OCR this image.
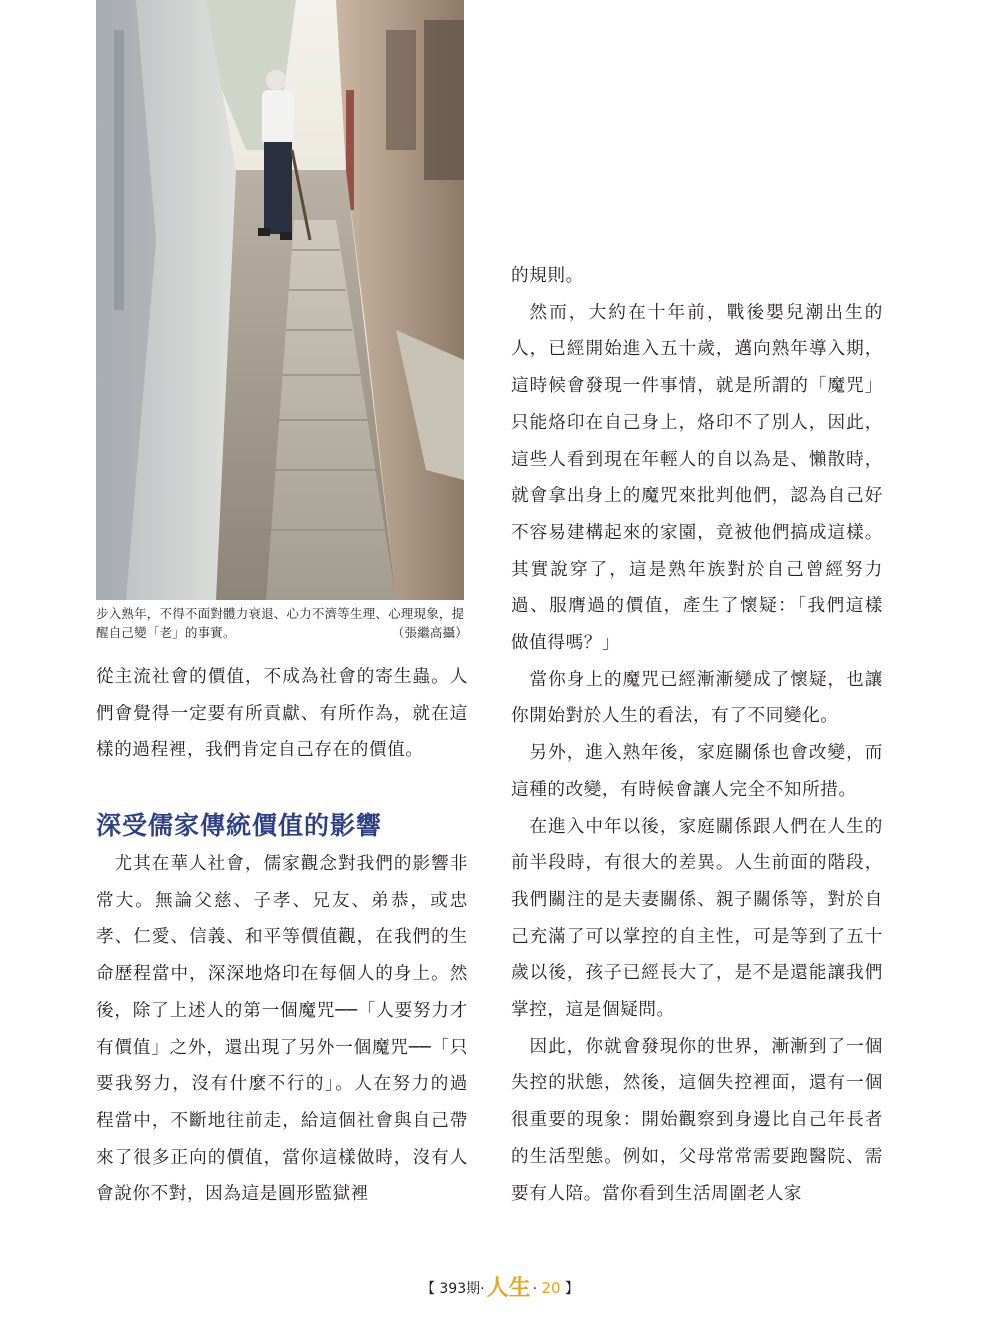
步入熟年，不得不面對體力衰退、心力不濟等生理、心理現象，提醒自己變「老」的事實。	（張繼高攝）

從主流社會的價值，不成為社會的寄生蟲。人們會覺得一定要有所貢獻、有所作為，就在這樣的過程裡，我們肯定自己存在的價值。

深受儒家傳統價值的影響

尤其在華人社會，儒家觀念對我們的影響非常大。無論父慈、子孝、兄友、弟恭，或忠孝、仁愛、信義、和平等價值觀，在我們的生命歷程當中，深深地烙印在每個人的身上。然後，除了上述人的第一個魔咒──「人要努力才有價值」之外，還出現了另外一個魔咒──「只要我努力，沒有什麼不行的」。人在努力的過程當中，不斷地往前走，給這個社會與自己帶來了很多正向的價值，當你這樣做時，沒有人會說你不對，因為這是圓形監獄裡

的規則。

然而，大約在十年前，戰後嬰兒潮出生的人，已經開始進入五十歲，邁向熟年導入期，這時候會發現一件事情，就是所謂的「魔咒」只能烙印在自己身上，烙印不了別人，因此，這些人看到現在年輕人的自以為是、懶散時，就會拿出身上的魔咒來批判他們，認為自己好不容易建構起來的家園，竟被他們搞成這樣。其實說穿了，這是熟年族對於自己曾經努力過、服膺過的價值，產生了懷疑：「我們這樣做值得嗎？」

當你身上的魔咒已經漸漸變成了懷疑，也讓你開始對於人生的看法，有了不同變化。

另外，進入熟年後，家庭關係也會改變，而這種的改變，有時候會讓人完全不知所措。

在進入中年以後，家庭關係跟人們在人生的前半段時，有很大的差異。人生前面的階段，我們關注的是夫妻關係、親子關係等，對於自己充滿了可以掌控的自主性，可是等到了五十歲以後，孩子已經長大了，是不是還能讓我們掌控，這是個疑問。

因此，你就會發現你的世界，漸漸到了一個失控的狀態，然後，這個失控裡面，還有一個很重要的現象：開始觀察到身邊比自己年長者的生活型態。例如，父母常常需要跑醫院、需要有人陪。當你看到生活周圍老人家

【 393期·人生 · 20 】
